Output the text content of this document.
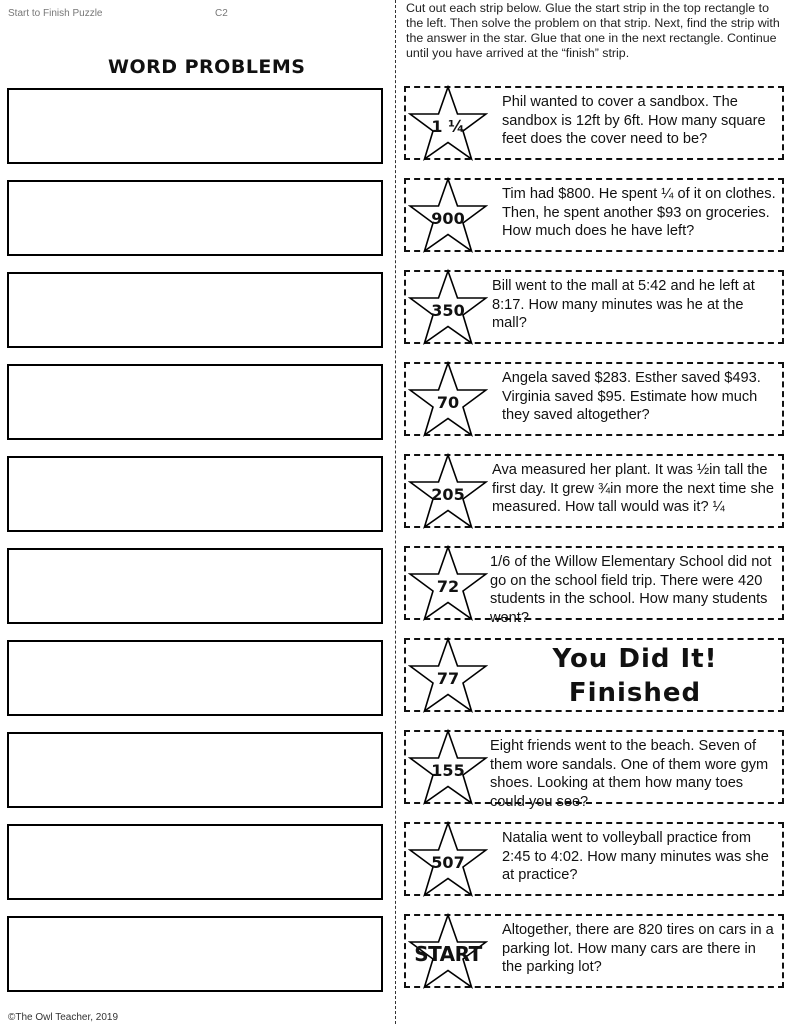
Start to Finish Puzzle	C2
WORD PROBLEMS
Cut out each strip below. Glue the start strip in the top rectangle to the left. Then solve the problem on that strip. Next, find the strip with the answer in the star. Glue that one in the next rectangle. Continue until you have arrived at the “finish” strip.
1 ¼
Phil wanted to cover a sandbox. The sandbox is 12ft by 6ft. How many square feet does the cover need to be?
900
Tim had $800. He spent ¼ of it on clothes. Then, he spent another $93 on groceries. How much does he have left?
350
Bill went to the mall at 5:42 and he left at 8:17. How many minutes was he at the mall?
70
Angela saved $283. Esther saved $493. Virginia saved $95. Estimate how much they saved altogether?
205
Ava measured her plant. It was ½in tall the first day. It grew ¾in more the next time she measured. How tall would was it? ¼
72
1/6 of the Willow Elementary School did not go on the school field trip. There were 420 students in the school. How many students went?
77
You Did It!
Finished
155
Eight friends went to the beach. Seven of them wore sandals. One of them wore gym shoes. Looking at them how many toes could you see?
507
Natalia went to volleyball practice from 2:45 to 4:02. How many minutes was she at practice?
START
Altogether, there are 820 tires on cars in a parking lot. How many cars are there in the parking lot?
©The Owl Teacher, 2019
